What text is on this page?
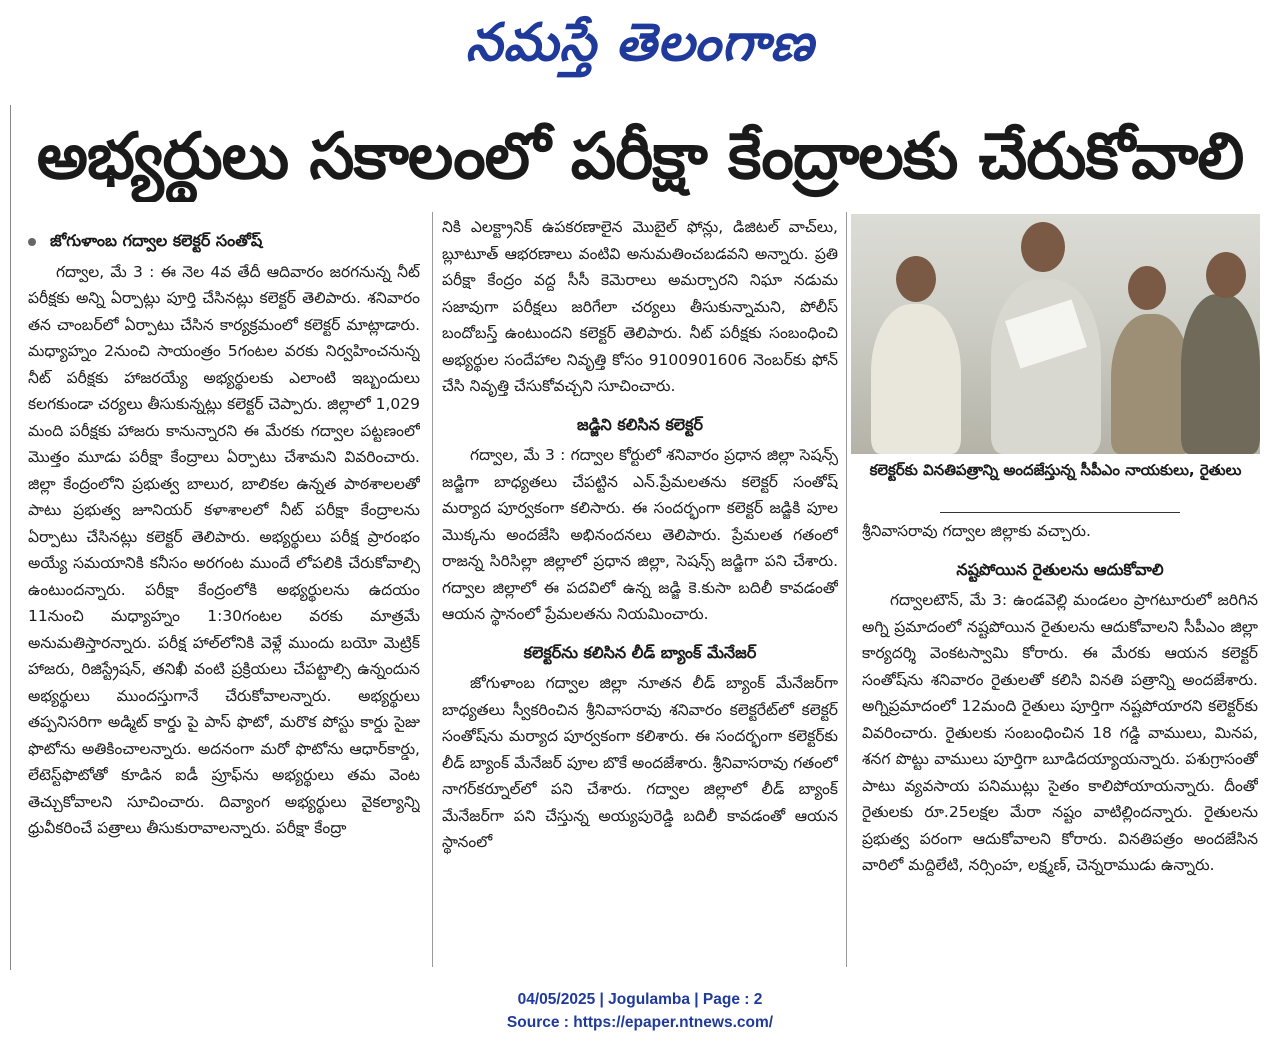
నమస్తే తెలంగాణ
అభ్యర్థులు సకాలంలో పరీక్షా కేంద్రాలకు చేరుకోవాలి
జోగుళాంబ గద్వాల కలెక్టర్ సంతోష్

గద్వాల, మే 3 : ఈ నెల 4వ తేదీ ఆదివారం జరగనున్న నీట్ పరీక్షకు అన్ని ఏర్పాట్లు పూర్తి చేసినట్లు కలెక్టర్ తెలిపారు. శనివారం తన చాంబర్‌లో ఏర్పాటు చేసిన కార్యక్రమంలో కలెక్టర్ మాట్లాడారు. మధ్యాహ్నం 2నుంచి సాయంత్రం 5గంటల వరకు నిర్వహించనున్న నీట్ పరీక్షకు హాజరయ్యే అభ్యర్థులకు ఎలాంటి ఇబ్బందులు కలగకుండా చర్యలు తీసుకున్నట్లు కలెక్టర్ చెప్పారు. జిల్లాలో 1,029 మంది పరీక్షకు హాజరు కానున్నారని ఈ మేరకు గద్వాల పట్టణంలో మొత్తం మూడు పరీక్షా కేంద్రాలు ఏర్పాటు చేశామని వివరించారు. జిల్లా కేంద్రంలోని ప్రభుత్వ బాలుర, బాలికల ఉన్నత పాఠశాలలతో పాటు ప్రభుత్వ జూనియర్ కళాశాలలో నీట్ పరీక్షా కేంద్రాలను ఏర్పాటు చేసినట్లు కలెక్టర్ తెలిపారు. అభ్యర్థులు పరీక్ష ప్రారంభం అయ్యే సమయానికి కనీసం అరగంట ముందే లోపలికి చేరుకోవాల్సి ఉంటుందన్నారు. పరీక్షా కేంద్రంలోకి అభ్యర్థులను ఉదయం 11నుంచి మధ్యాహ్నం 1:30గంటల వరకు మాత్రమే అనుమతిస్తారన్నారు. పరీక్ష హాల్‌లోనికి వెళ్లే ముందు బయో మెట్రిక్ హాజరు, రిజిస్ట్రేషన్, తనిఖీ వంటి ప్రక్రియలు చేపట్టాల్సి ఉన్నందున అభ్యర్థులు ముందస్తుగానే చేరుకోవాలన్నారు. అభ్యర్థులు తప్పనిసరిగా అడ్మిట్ కార్డు పై పాస్ ఫొటో, మరొక పోస్టు కార్డు సైజు ఫొటోను అతికించాలన్నారు. అదనంగా మరో ఫొటోను ఆధార్‌కార్డు, లేటెస్ట్‌ఫొటోతో కూడిన ఐడీ ప్రూఫ్‌ను అభ్యర్థులు తమ వెంట తెచ్చుకోవాలని సూచించారు. దివ్యాంగ అభ్యర్థులు వైకల్యాన్ని ధ్రువీకరించే పత్రాలు తీసుకురావాలన్నారు. పరీక్షా కేంద్రా

నికి ఎలక్ట్రానిక్ ఉపకరణాలైన మొబైల్ ఫోన్లు, డిజిటల్ వాచ్‌లు, బ్లూటూత్ ఆభరణాలు వంటివి అనుమతించబడవని అన్నారు. ప్రతి పరీక్షా కేంద్రం వద్ద సీసీ కెమెరాలు అమర్చారని నిఘా నడుమ సజావుగా పరీక్షలు జరిగేలా చర్యలు తీసుకున్నామని, పోలీస్ బందోబస్త్ ఉంటుందని కలెక్టర్ తెలిపారు. నీట్ పరీక్షకు సంబంధించి అభ్యర్థుల సందేహాల నివృత్తి కోసం 9100901606 నెంబర్‌కు ఫోన్ చేసి నివృత్తి చేసుకోవచ్చని సూచించారు.

జడ్జిని కలిసిన కలెక్టర్

గద్వాల, మే 3 : గద్వాల కోర్టులో శనివారం ప్రధాన జిల్లా సెషన్స్ జడ్జిగా బాధ్యతలు చేపట్టిన ఎన్.ప్రేమలతను కలెక్టర్ సంతోష్ మర్యాద పూర్వకంగా కలిసారు. ఈ సందర్భంగా కలెక్టర్ జడ్జికి పూల మొక్కను అందజేసి అభినందనలు తెలిపారు. ప్రేమలత గతంలో రాజన్న సిరిసిల్లా జిల్లాలో ప్రధాన జిల్లా, సెషన్స్ జడ్జిగా పని చేశారు. గద్వాల జిల్లాలో ఈ పదవిలో ఉన్న జడ్జి కె.కుసా బదిలీ కావడంతో ఆయన స్థానంలో ప్రేమలతను నియమించారు.

కలెక్టర్‌ను కలిసిన లీడ్ బ్యాంక్ మేనేజర్

జోగుళాంబ గద్వాల జిల్లా నూతన లీడ్ బ్యాంక్ మేనేజర్‌గా బాధ్యతలు స్వీకరించిన శ్రీనివాసరావు శనివారం కలెక్టరేట్‌లో కలెక్టర్ సంతోష్‌ను మర్యాద పూర్వకంగా కలిశారు. ఈ సందర్భంగా కలెక్టర్‌కు లీడ్ బ్యాంక్ మేనేజర్ పూల బొకే అందజేశారు. శ్రీనివాసరావు గతంలో నాగర్‌కర్నూల్‌లో పని చేశారు. గద్వాల జిల్లాలో లీడ్ బ్యాంక్ మేనేజర్‌గా పని చేస్తున్న అయ్యపురెడ్డి బదిలీ కావడంతో ఆయన స్థానంలో

కలెక్టర్‌కు వినతిపత్రాన్ని అందజేస్తున్న సీపీఎం నాయకులు, రైతులు

శ్రీనివాసరావు గద్వాల జిల్లాకు వచ్చారు.

నష్టపోయిన రైతులను ఆదుకోవాలి

గద్వాలటౌన్, మే 3: ఉండవెల్లి మండలం ప్రాగటూరులో జరిగిన అగ్ని ప్రమాదంలో నష్టపోయిన రైతులను ఆదుకోవాలని సీపీఎం జిల్లా కార్యదర్శి వెంకటస్వామి కోరారు. ఈ మేరకు ఆయన కలెక్టర్ సంతోష్‌ను శనివారం రైతులతో కలిసి వినతి పత్రాన్ని అందజేశారు. అగ్నిప్రమాదంలో 12మంది రైతులు పూర్తిగా నష్టపోయారని కలెక్టర్‌కు వివరించారు. రైతులకు సంబంధించిన 18 గడ్డి వాములు, మినప, శనగ పొట్టు వాములు పూర్తిగా బూడిదయ్యాయన్నారు. పశుగ్రాసంతో పాటు వ్యవసాయ పనిముట్లు సైతం కాలిపోయాయన్నారు. దీంతో రైతులకు రూ.25లక్షల మేరా నష్టం వాటిల్లిందన్నారు. రైతులను ప్రభుత్వ పరంగా ఆదుకోవాలని కోరారు. వినతిపత్రం అందజేసిన వారిలో మద్దిలేటి, నర్సింహ, లక్ష్మణ్, చెన్నరాముడు ఉన్నారు.

04/05/2025 | Jogulamba | Page : 2
Source : https://epaper.ntnews.com/
